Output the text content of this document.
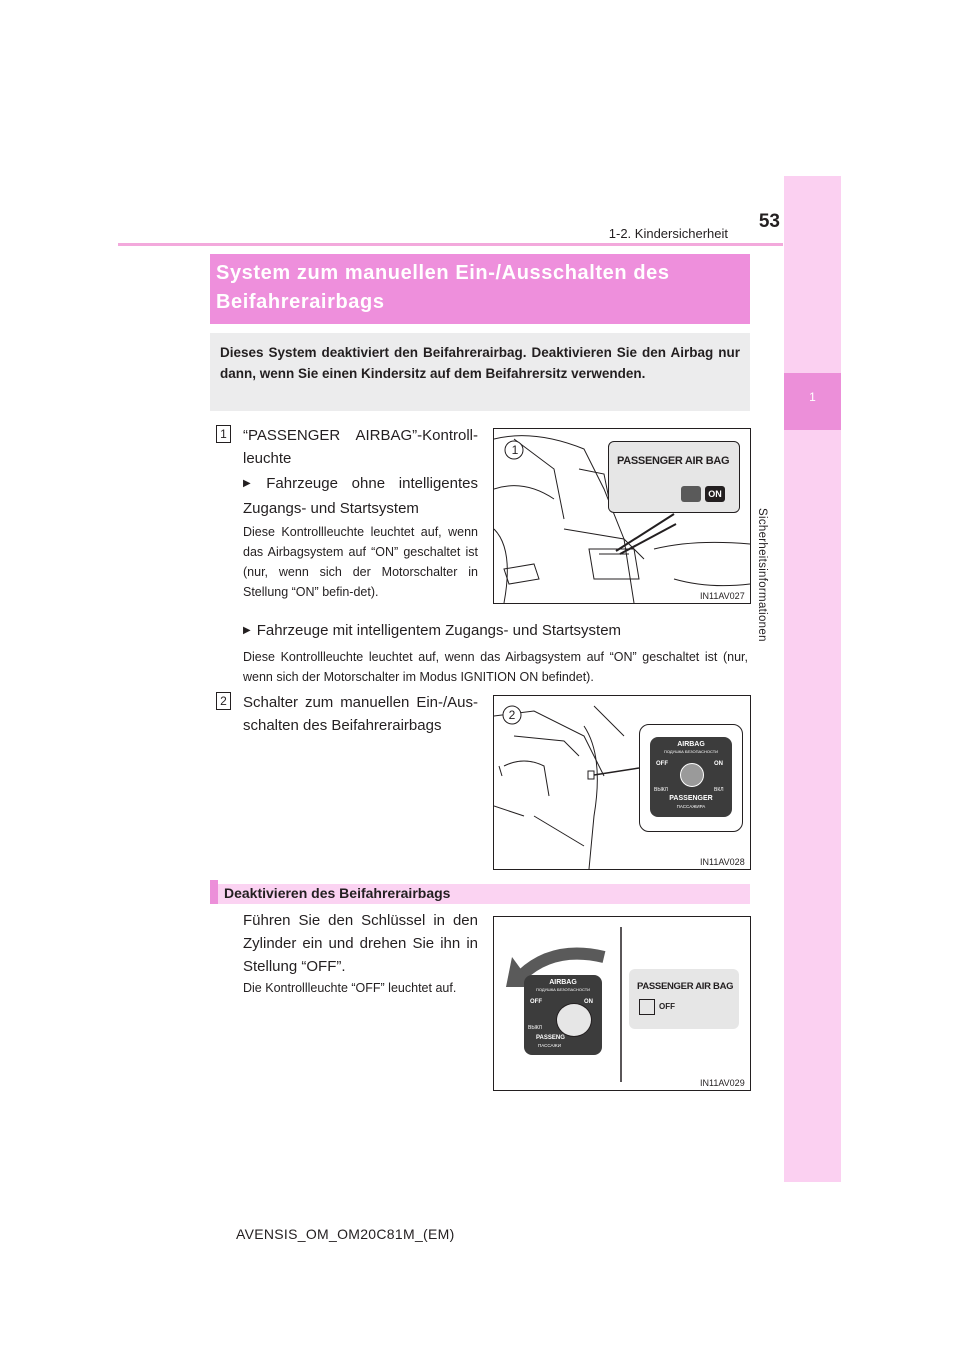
53
1-2. Kindersicherheit
1
Sicherheitsinformationen
System zum manuellen Ein-/Ausschalten des Beifahrerairbags
Dieses System deaktiviert den Beifahrerairbag. Deaktivieren Sie den Airbag nur dann, wenn Sie einen Kindersitz auf dem Beifahrersitz verwenden.
1 “PASSENGER AIRBAG”-Kontroll-leuchte
▶ Fahrzeuge ohne intelligentes Zugangs- und Startsystem
Diese Kontrollleuchte leuchtet auf, wenn das Airbagsystem auf “ON” geschaltet ist (nur, wenn sich der Motorschalter in Stellung “ON” befin-det).
▶ Fahrzeuge mit intelligentem Zugangs- und Startsystem
Diese Kontrollleuchte leuchtet auf, wenn das Airbagsystem auf “ON” geschaltet ist (nur, wenn sich der Motorschalter im Modus IGNITION ON befindet).
1
PASSENGER AIR BAG
ON
IN11AV027
2 Schalter zum manuellen Ein-/Aus-schalten des Beifahrerairbags
2
AIRBAG
ПОДУШКА БЕЗОПАСНОСТИ
OFF	ON
ВЫКЛ	ВКЛ
PASSENGER
ПАССАЖИРА
IN11AV028
Deaktivieren des Beifahrerairbags
Führen Sie den Schlüssel in den Zylinder ein und drehen Sie ihn in Stellung “OFF”.
Die Kontrollleuchte “OFF” leuchtet auf.	AIRBAG
ПОДУШКА БЕЗОПАСНОСТИ
OFF	ON
ВЫКЛ
PASSENG
ПАССАЖИ
PASSENGER AIR BAG
OFF
IN11AV029
AVENSIS_OM_OM20C81M_(EM)
